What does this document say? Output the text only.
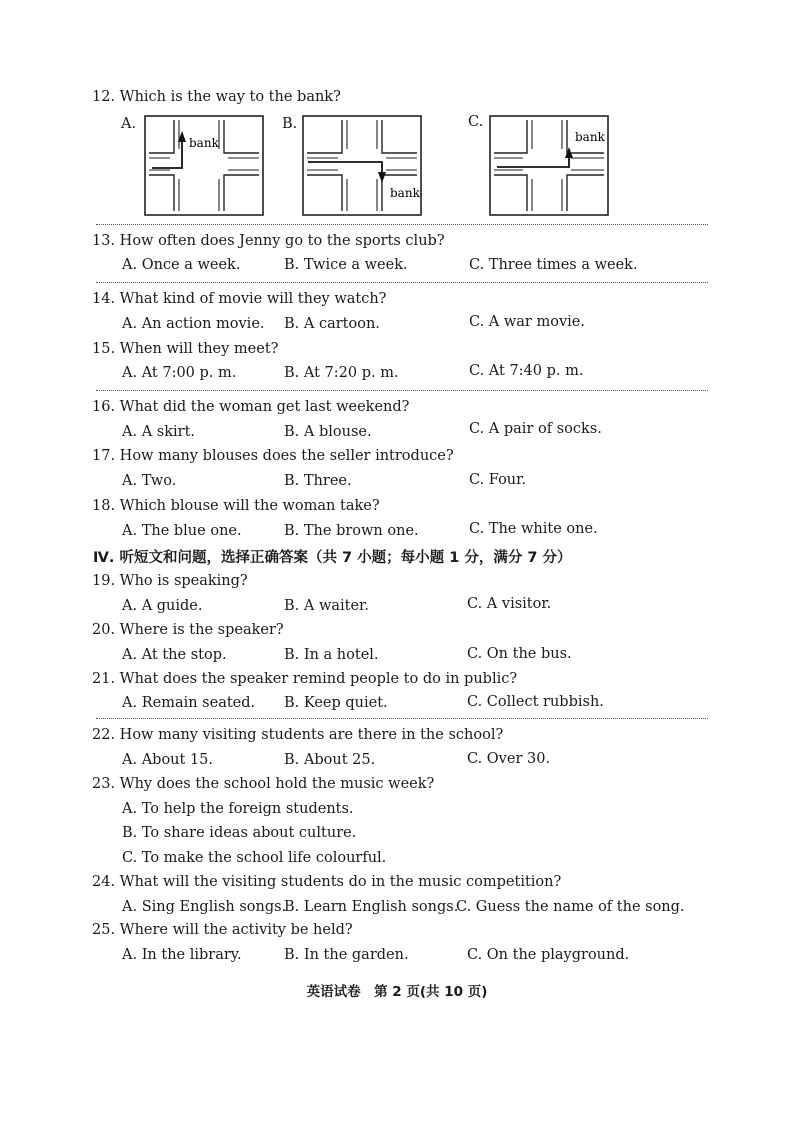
12. Which is the way to the bank?
A.
bank
B.
bank
C.
bank
13. How often does Jenny go to the sports club?
A. Once a week.	B. Twice a week.	C. Three times a week.
14. What kind of movie will they watch?
A. An action movie. B. A cartoon.	C. A war movie.
15. When will they meet?
A. At 7:00 p. m.	B. At 7:20 p. m.	C. At 7:40 p. m.
16. What did the woman get last weekend?
A. A skirt.	B. A blouse.	C. A pair of socks.
17. How many blouses does the seller introduce?
A. Two.	B. Three.	C. Four.
18. Which blouse will the woman take?
A. The blue one.	B. The brown one.	C. The white one.
Ⅳ. 听短文和问题，选择正确答案（共 7 小题；每小题 1 分，满分 7 分）
19. Who is speaking?
A. A guide.	B. A waiter.	C. A visitor.
20. Where is the speaker?
A. At the stop.	B. In a hotel.	C. On the bus.
21. What does the speaker remind people to do in public?
A. Remain seated. B. Keep quiet.	C. Collect rubbish.
22. How many visiting students are there in the school?
A. About 15.	B. About 25.	C. Over 30.
23. Why does the school hold the music week?
A. To help the foreign students.
B. To share ideas about culture.
C. To make the school life colourful.
24. What will the visiting students do in the music competition?
A. Sing English songs.
B. Learn English songs.
C. Guess the name of the song.
25. Where will the activity be held?
A. In the library.	B. In the garden.	C. On the playground.
英语试卷　第 2 页(共 10 页)
